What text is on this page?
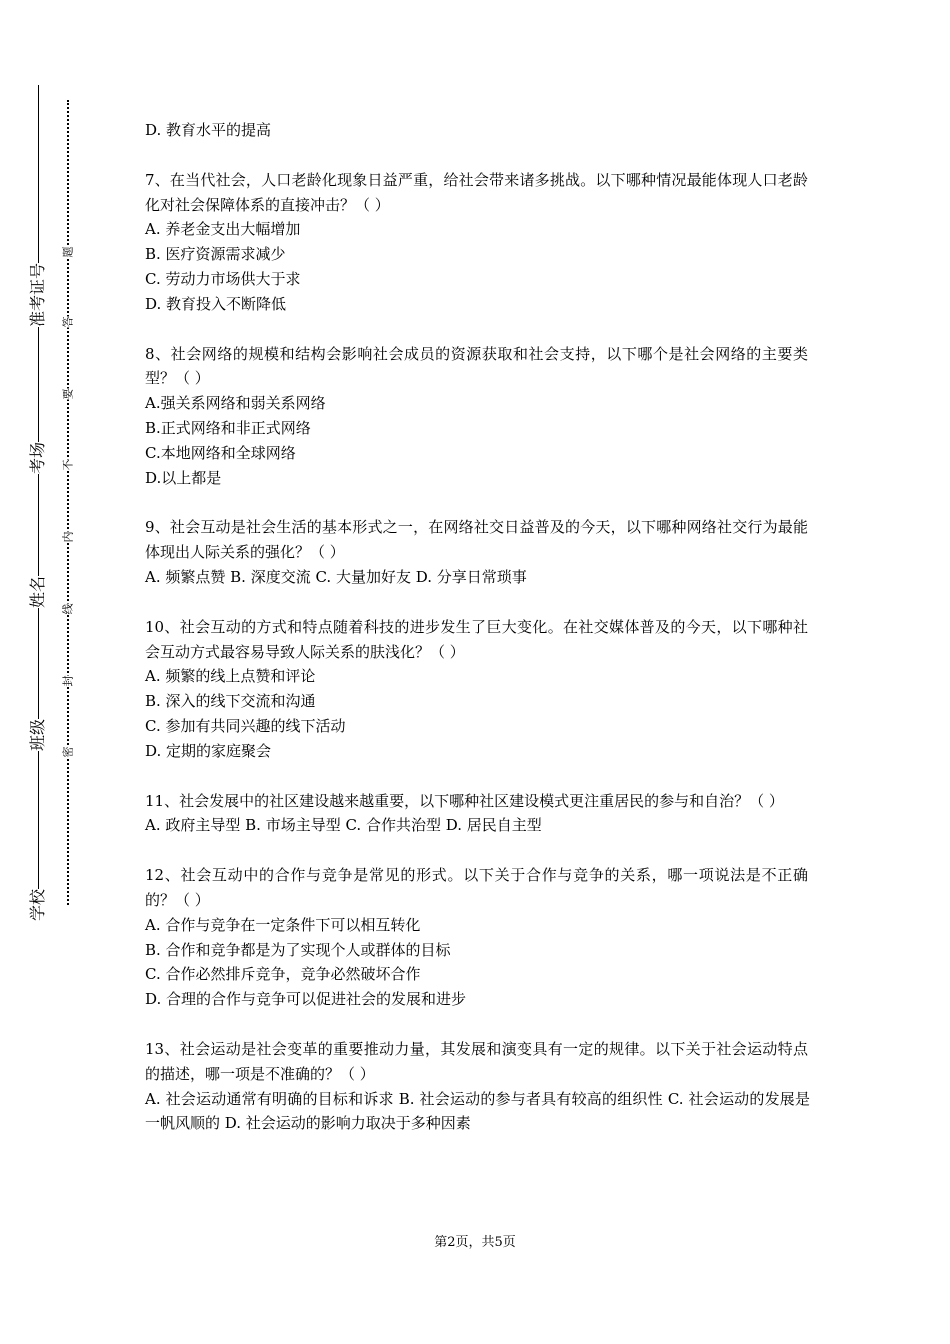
准考证号
考场
姓名
班级
学校
题
答
要
不
内
线
封
密

D. 教育水平的提高

7、在当代社会，人口老龄化现象日益严重，给社会带来诸多挑战。以下哪种情况最能体现人口老龄化对社会保障体系的直接冲击？（ ）

A. 养老金支出大幅增加

B. 医疗资源需求减少

C. 劳动力市场供大于求

D. 教育投入不断降低

8、社会网络的规模和结构会影响社会成员的资源获取和社会支持，以下哪个是社会网络的主要类型？（ ）

A.强关系网络和弱关系网络

B.正式网络和非正式网络

C.本地网络和全球网络

D.以上都是

9、社会互动是社会生活的基本形式之一，在网络社交日益普及的今天，以下哪种网络社交行为最能体现出人际关系的强化？（ ）

A. 频繁点赞 B. 深度交流 C. 大量加好友 D. 分享日常琐事

10、社会互动的方式和特点随着科技的进步发生了巨大变化。在社交媒体普及的今天，以下哪种社会互动方式最容易导致人际关系的肤浅化？（ ）

A. 频繁的线上点赞和评论

B. 深入的线下交流和沟通

C. 参加有共同兴趣的线下活动

D. 定期的家庭聚会

11、社会发展中的社区建设越来越重要，以下哪种社区建设模式更注重居民的参与和自治？（ ）

A. 政府主导型 B. 市场主导型 C. 合作共治型 D. 居民自主型

12、社会互动中的合作与竞争是常见的形式。以下关于合作与竞争的关系，哪一项说法是不正确的？（ ）

A. 合作与竞争在一定条件下可以相互转化

B. 合作和竞争都是为了实现个人或群体的目标

C. 合作必然排斥竞争，竞争必然破坏合作

D. 合理的合作与竞争可以促进社会的发展和进步

13、社会运动是社会变革的重要推动力量，其发展和演变具有一定的规律。以下关于社会运动特点的描述，哪一项是不准确的？（ ）

A. 社会运动通常有明确的目标和诉求 B. 社会运动的参与者具有较高的组织性 C. 社会运动的发展是一帆风顺的 D. 社会运动的影响力取决于多种因素

第2页，共5页
